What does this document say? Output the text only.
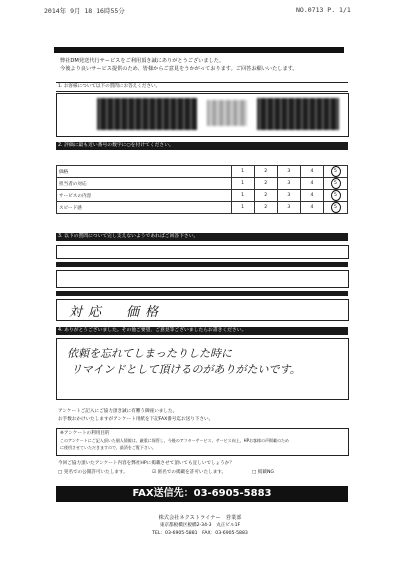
2014年 9月 18 16時55分	NO.0713 P. 1/1
弊社DM発送代行サービスをご利用頂き誠にありがとうございました。
今後より良いサービス提供のため、皆様からご意見をうかがっております。ご回答お願いいたします。
1. お客様について以下の質問にお答えください。
2. 評価に最も近い番号の数字に○を付けてください。
価格	1	2	3	4	5
担当者の対応	1	2	3	4	5
サービスの内容	1	2	3	4	5
スピード感	1	2	3	4	5
3. 以下の質問について完し支えないようであればご回答下さい。
対応　価格
4. ありがとうございました。その他ご要望、ご意見等ございましたらお書きください。
依頼を忘れてしまったりした時に
リマインドとして頂けるのがありがたいです。
アンケートご記入にご協力頂き誠に有難う御座いました。
お手数おかけいたしますがアンケート用紙を下記FAX番号迄お送り下さい。
※アンケートの利用目的
このアンケートにご記入頂いた個人情報は、厳重に保管し、今後のアフターサービス、サービス向上、HPお客様の声掲載のため
に使用させていただきますので、最済をご覧下さい。
今回ご協力頂いたアンケート内容を弊社HPに掲載させて頂いても宜しいでしょうか？
□ 実名での公開許可いたします。	☑ 匿名での掲載を許可いたします。	□ 掲載NG
FAX送信先：03-6905-5883
株式会社ネクストライナー　営業部
東京都板橋区板橋2-34-3　丸正ビル1F
TEL：03-6905-5881　FAX：03-6905-5883
